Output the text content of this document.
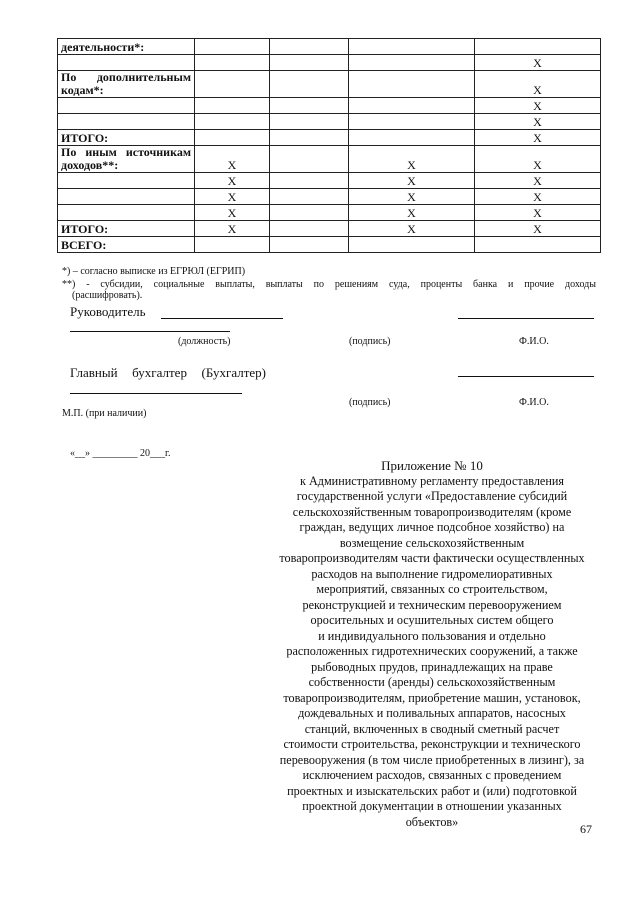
деятельности*:				
				Х
По дополнительным кодам*:				Х
				Х
				Х
ИТОГО:				Х
По иным источникам доходов**:	Х		Х	Х
	Х		Х	Х
	Х		Х	Х
	Х		Х	Х
ИТОГО:	Х		Х	Х
ВСЕГО:				
*) – согласно выписке из ЕГРЮЛ (ЕГРИП)
**) - субсидии, социальные выплаты, выплаты по решениям суда, проценты банка и прочие доходы
(расшифровать).
Руководитель
(должность)	(подпись)	Ф.И.О.
Главный бухгалтер (Бухгалтер)
(подпись)	Ф.И.О.
М.П. (при наличии)
«__» _________ 20___г.
Приложение № 10
к Административному регламенту предоставления
государственной услуги «Предоставление субсидий
сельскохозяйственным товаропроизводителям (кроме
граждан, ведущих личное подсобное хозяйство) на
возмещение сельскохозяйственным
товаропроизводителям части фактически осуществленных
расходов на выполнение гидромелиоративных
мероприятий, связанных со строительством,
реконструкцией и техническим перевооружением
оросительных и осушительных систем общего
и индивидуального пользования и отдельно
расположенных гидротехнических сооружений, а также
рыбоводных прудов, принадлежащих на праве
собственности (аренды) сельскохозяйственным
товаропроизводителям, приобретение машин, установок,
дождевальных и поливальных аппаратов, насосных
станций, включенных в сводный сметный расчет
стоимости строительства, реконструкции и технического
перевооружения (в том числе приобретенных в лизинг), за
исключением расходов, связанных с проведением
проектных и изыскательских работ и (или) подготовкой
проектной документации в отношении указанных
объектов»
67
